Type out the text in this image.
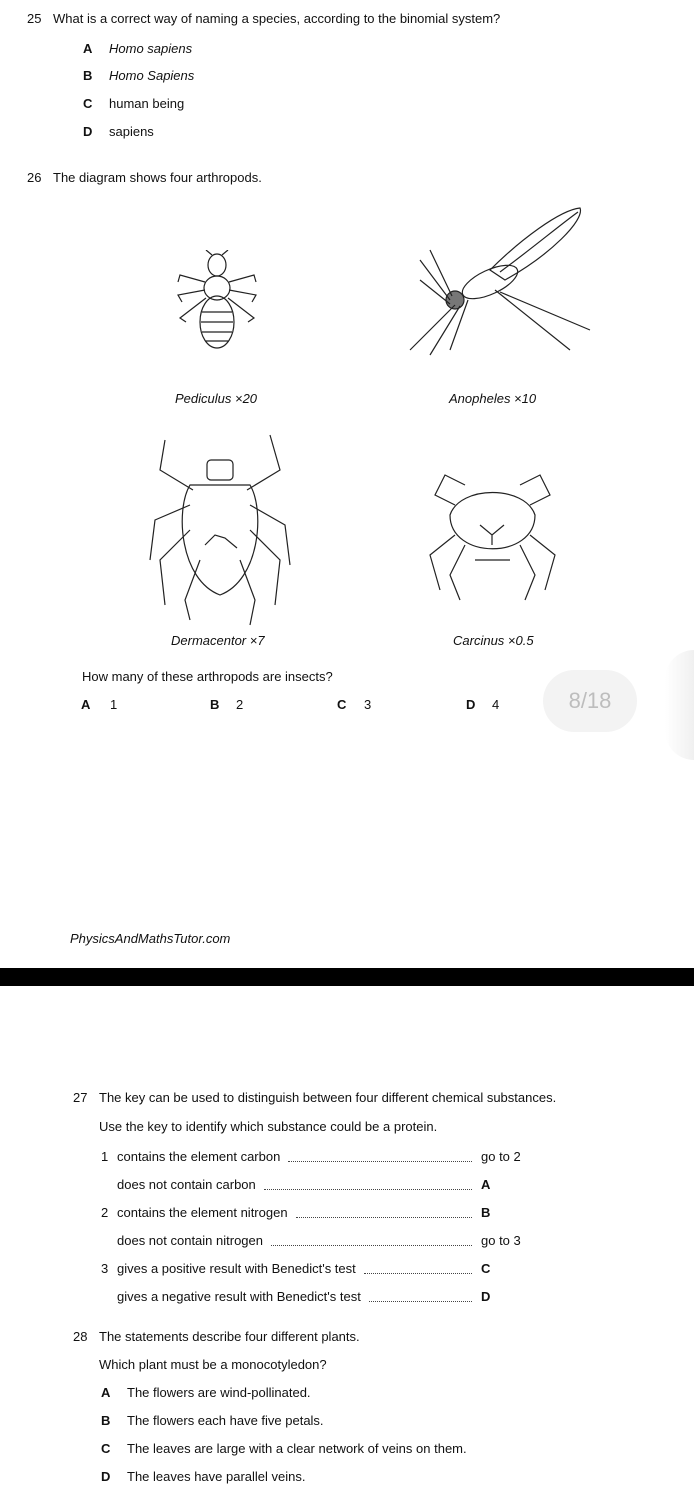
25 What is a correct way of naming a species, according to the binomial system?
A Homo sapiens
B Homo Sapiens
C human being
D sapiens
26 The diagram shows four arthropods.
Pediculus ×20	Anopheles ×10
Dermacentor ×7	Carcinus ×0.5
How many of these arthropods are insects?
A 1	B 2	C 3	D 4	8/18
PhysicsAndMathsTutor.com
27 The key can be used to distinguish between four different chemical substances.
Use the key to identify which substance could be a protein.
1 contains the element carbon	go to 2
does not contain carbon	A
2 contains the element nitrogen	B
does not contain nitrogen	go to 3
3 gives a positive result with Benedict's test	C
gives a negative result with Benedict's test	D
28 The statements describe four different plants.
Which plant must be a monocotyledon?
A The flowers are wind-pollinated.
B The flowers each have five petals.
C The leaves are large with a clear network of veins on them.
D The leaves have parallel veins.
